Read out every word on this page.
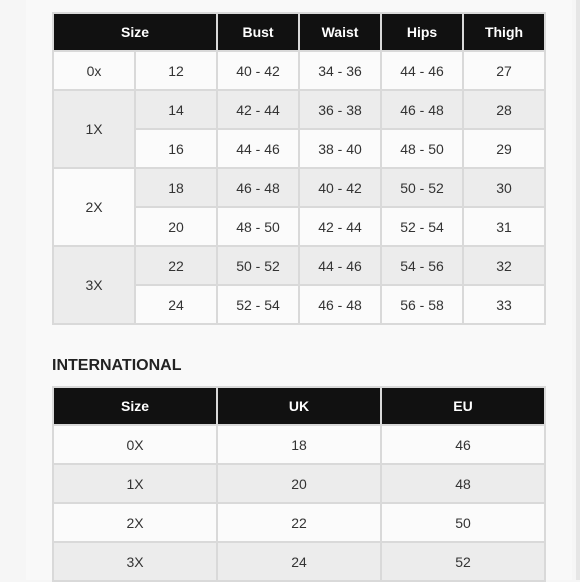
Size		Bust	Waist	Hips	Thigh
0x	12	40 - 42	34 - 36	44 - 46	27
1X	14	42 - 44	36 - 38	46 - 48	28
	16	44 - 46	38 - 40	48 - 50	29
2X	18	46 - 48	40 - 42	50 - 52	30
	20	48 - 50	42 - 44	52 - 54	31
3X	22	50 - 52	44 - 46	54 - 56	32
	24	52 - 54	46 - 48	56 - 58	33
INTERNATIONAL
Size	UK	EU
0X	18	46
1X	20	48
2X	22	50
3X	24	52
